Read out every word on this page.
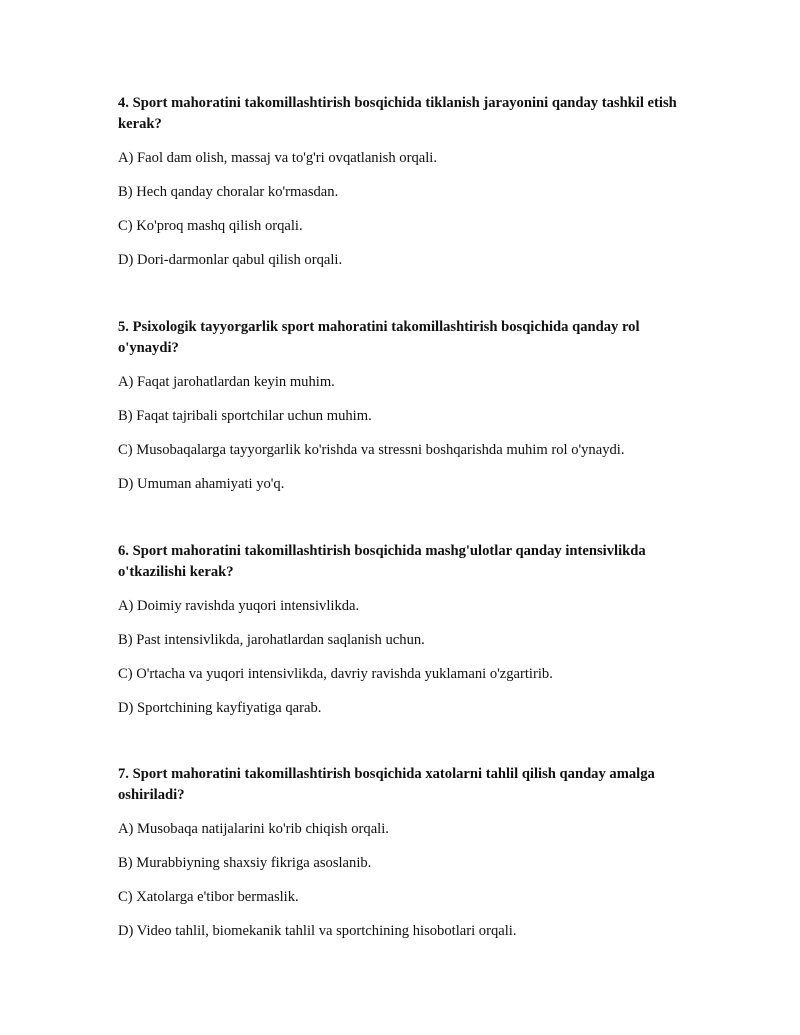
4. Sport mahoratini takomillashtirish bosqichida tiklanish jarayonini qanday tashkil etish kerak?

A) Faol dam olish, massaj va to'g'ri ovqatlanish orqali.

B) Hech qanday choralar ko'rmasdan.

C) Ko'proq mashq qilish orqali.

D) Dori-darmonlar qabul qilish orqali.

5. Psixologik tayyorgarlik sport mahoratini takomillashtirish bosqichida qanday rol o'ynaydi?

A) Faqat jarohatlardan keyin muhim.

B) Faqat tajribali sportchilar uchun muhim.

C) Musobaqalarga tayyorgarlik ko'rishda va stressni boshqarishda muhim rol o'ynaydi.

D) Umuman ahamiyati yo'q.

6. Sport mahoratini takomillashtirish bosqichida mashg'ulotlar qanday intensivlikda o'tkazilishi kerak?

A) Doimiy ravishda yuqori intensivlikda.

B) Past intensivlikda, jarohatlardan saqlanish uchun.

C) O'rtacha va yuqori intensivlikda, davriy ravishda yuklamani o'zgartirib.

D) Sportchining kayfiyatiga qarab.

7. Sport mahoratini takomillashtirish bosqichida xatolarni tahlil qilish qanday amalga oshiriladi?

A) Musobaqa natijalarini ko'rib chiqish orqali.

B) Murabbiyning shaxsiy fikriga asoslanib.

C) Xatolarga e'tibor bermaslik.

D) Video tahlil, biomekanik tahlil va sportchining hisobotlari orqali.
